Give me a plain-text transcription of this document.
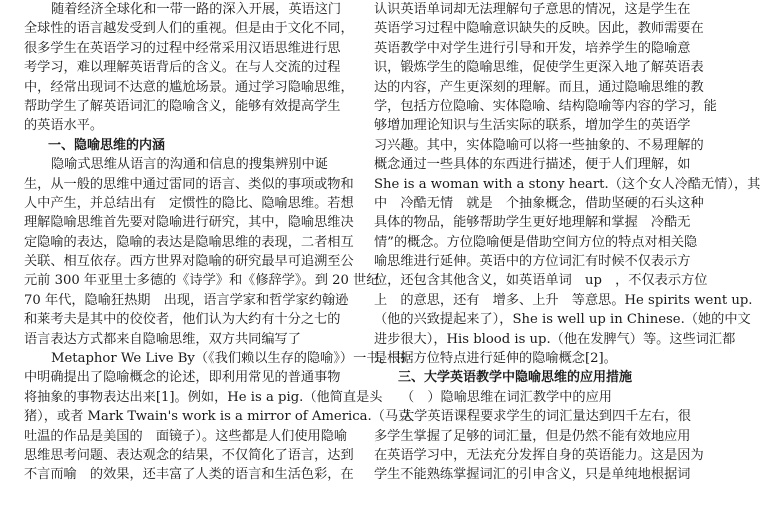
随着经济全球化和一带一路的深入开展，英语这门
全球性的语言越发受到人们的重视。但是由于文化不同，
很多学生在英语学习的过程中经常采用汉语思维进行思
考学习，难以理解英语背后的含义。在与人交流的过程
中，经常出现词不达意的尴尬场景。通过学习隐喻思维，
帮助学生了解英语词汇的隐喻含义，能够有效提高学生
的英语水平。
一、隐喻思维的内涵
隐喻式思维从语言的沟通和信息的搜集辨别中诞
生，从一般的思维中通过雷同的语言、类似的事项或物和
人中产生，并总结出有　定惯性的隐比、隐喻思维。若想
理解隐喻思维首先要对隐喻进行研究，其中，隐喻思维决
定隐喻的表达，隐喻的表达是隐喻思维的表现，二者相互
关联、相互依存。西方世界对隐喻的研究最早可追溯至公
元前 300 年亚里士多德的《诗学》和《修辞学》。到 20 世纪
70 年代，隐喻狂热期　出现，语言学家和哲学家约翰逊
和莱考夫是其中的佼佼者，他们认为大约有十分之七的
语言表达方式都来自隐喻思维，双方共同编写了
Metaphor We Live By（《我们赖以生存的隐喻》）一书。书
中明确提出了隐喻概念的论述，即利用常见的普通事物
将抽象的事物表达出来[1]。例如，He is a pig.（他简直是头
猪），或者 Mark Twain's work is a mirror of America.（马克
吐温的作品是美国的　面镜子）。这些都是人们使用隐喻
思维思考问题、表达观念的结果，不仅简化了语言，达到
不言而喻　的效果，还丰富了人类的语言和生活色彩，在
认识英语单词却无法理解句子意思的情况，这是学生在
英语学习过程中隐喻意识缺失的反映。因此，教师需要在
英语教学中对学生进行引导和开发，培养学生的隐喻意
识，锻炼学生的隐喻思维，促使学生更深入地了解英语表
达的内容，产生更深刻的理解。而且，通过隐喻思维的教
学，包括方位隐喻、实体隐喻、结构隐喻等内容的学习，能
够增加理论知识与生活实际的联系，增加学生的英语学
习兴趣。其中，实体隐喻可以将一些抽象的、不易理解的
概念通过一些具体的东西进行描述，便于人们理解，如
She is a woman with a stony heart.（这个女人冷酷无情），其
中　冷酷无情　就是　个抽象概念，借助坚硬的石头这种
具体的物品，能够帮助学生更好地理解和掌握　冷酷无
情”的概念。方位隐喻便是借助空间方位的特点对相关隐
喻思维进行延伸。英语中的方位词汇有时候不仅表示方
位，还包含其他含义，如英语单词　up　，不仅表示方位
上　的意思，还有　增多、上升　等意思。He spirits went up.
（他的兴致提起来了），She is well up in Chinese.（她的中文
进步很大），His blood is up.（他在发脾气）等。这些词汇都
是根据方位特点进行延伸的隐喻概念[2]。
三、大学英语教学中隐喻思维的应用措施
（　）隐喻思维在词汇教学中的应用
大学英语课程要求学生的词汇量达到四千左右，很
多学生掌握了足够的词汇量，但是仍然不能有效地应用
在英语学习中，无法充分发挥自身的英语能力。这是因为
学生不能熟练掌握词汇的引申含义，只是单纯地根据词
